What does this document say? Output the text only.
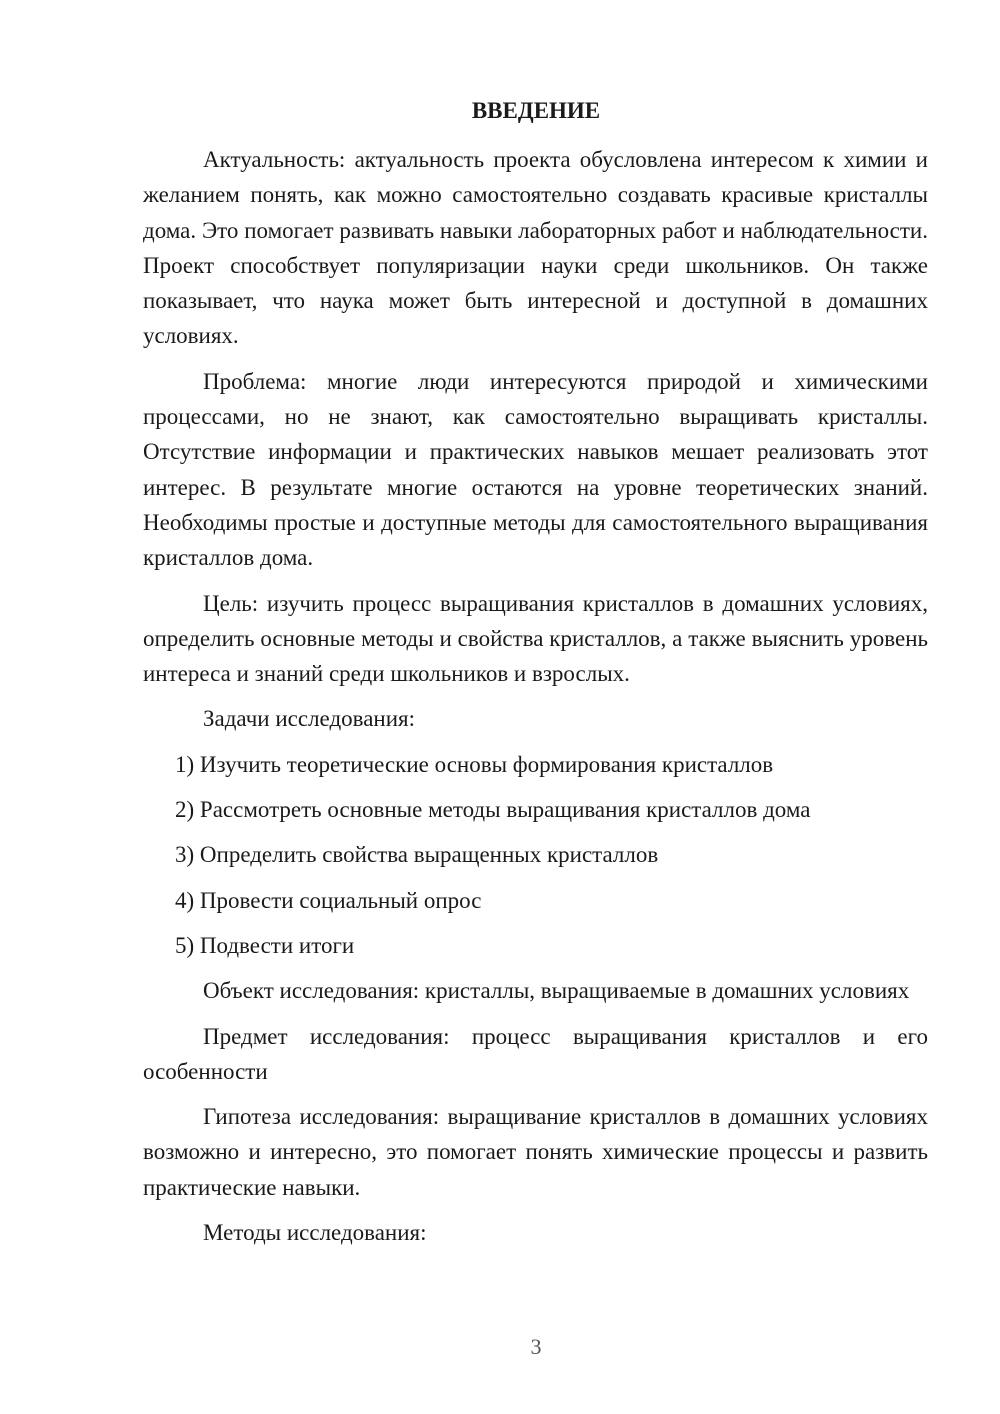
ВВЕДЕНИЕ

Актуальность: актуальность проекта обусловлена интересом к химии и желанием понять, как можно самостоятельно создавать красивые кристаллы дома. Это помогает развивать навыки лабораторных работ и наблюдательности. Проект способствует популяризации науки среди школьников. Он также показывает, что наука может быть интересной и доступной в домашних условиях.

Проблема: многие люди интересуются природой и химическими процессами, но не знают, как самостоятельно выращивать кристаллы. Отсутствие информации и практических навыков мешает реализовать этот интерес. В результате многие остаются на уровне теоретических знаний. Необходимы простые и доступные методы для самостоятельного выращивания кристаллов дома.

Цель: изучить процесс выращивания кристаллов в домашних условиях, определить основные методы и свойства кристаллов, а также выяснить уровень интереса и знаний среди школьников и взрослых.

Задачи исследования:

1) Изучить теоретические основы формирования кристаллов

2) Рассмотреть основные методы выращивания кристаллов дома

3) Определить свойства выращенных кристаллов

4) Провести социальный опрос

5) Подвести итоги

Объект исследования: кристаллы, выращиваемые в домашних условиях

Предмет исследования: процесс выращивания кристаллов и его особенности

Гипотеза исследования: выращивание кристаллов в домашних условиях возможно и интересно, это помогает понять химические процессы и развить практические навыки.

Методы исследования:

3
